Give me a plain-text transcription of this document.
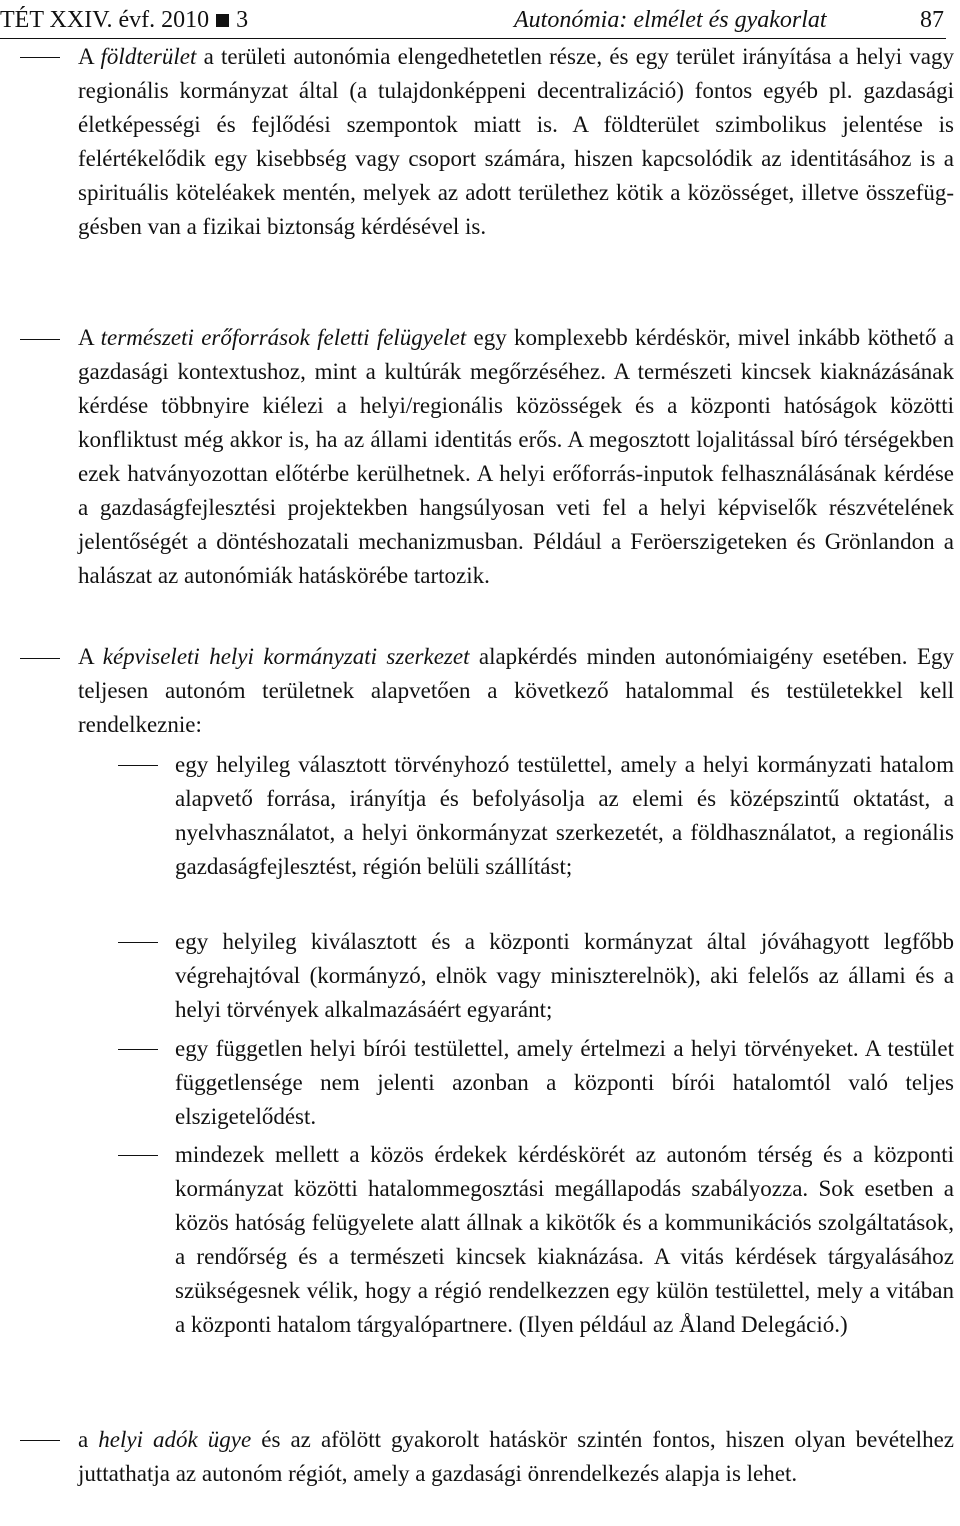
TÉT XXIV. évf. 2010 3	Autonómia: elmélet és gyakorlat	87
A földterület a területi autonómia elengedhetetlen része, és egy terület irányítása a helyi vagy regionális kormányzat által (a tulajdonképpeni decentralizáció) fontos egyéb pl. gazdasági életképességi és fejlődési szempontok miatt is. A földterület szimbolikus jelentése is felértékelődik egy kisebbség vagy csoport számára, hiszen kapcsolódik az identitásához is a spirituális köteléakek mentén, melyek az adott területhez kötik a közösséget, illetve összefüggésben van a fizikai biztonság kérdésével is.
A természeti erőforrások feletti felügyelet egy komplexebb kérdéskör, mivel inkább köthető a gazdasági kontextushoz, mint a kultúrák megőrzéséhez. A természeti kincsek kiaknázásának kérdése többnyire kiélezi a helyi/regionális közösségek és a központi hatóságok közötti konfliktust még akkor is, ha az állami identitás erős. A megosztott lojalitással bíró térségekben ezek hatványozottan előtérbe kerülhetnek. A helyi erőforrás-inputok felhasználásának kérdése a gazdaságfejlesztési projektekben hangsúlyosan veti fel a helyi képviselők részvételének jelentőségét a döntéshozatali mechanizmusban. Például a Feröerszigeteken és Grönlandon a halászat az autonómiák hatáskörébe tartozik.
A képviseleti helyi kormányzati szerkezet alapkérdés minden autonómiaigény esetében. Egy teljesen autonóm területnek alapvetően a következő hatalommal és testületekkel kell rendelkeznie:
egy helyileg választott törvényhozó testülettel, amely a helyi kormányzati hatalom alapvető forrása, irányítja és befolyásolja az elemi és középszintű oktatást, a nyelvhasználatot, a helyi önkormányzat szerkezetét, a földhasználatot, a regionális gazdaságfejlesztést, régión belüli szállítást;
egy helyileg kiválasztott és a központi kormányzat által jóváhagyott legfőbb végrehajtóval (kormányzó, elnök vagy miniszterelnök), aki felelős az állami és a helyi törvények alkalmazásáért egyaránt;
egy független helyi bírói testülettel, amely értelmezi a helyi törvényeket. A testület függetlensége nem jelenti azonban a központi bírói hatalomtól való teljes elszigetelődést.
mindezek mellett a közös érdekek kérdéskörét az autonóm térség és a központi kormányzat közötti hatalommegosztási megállapodás szabályozza. Sok esetben a közös hatóság felügyelete alatt állnak a kikötők és a kommunikációs szolgáltatások, a rendőrség és a természeti kincsek kiaknázása. A vitás kérdések tárgyalásához szükségesnek vélik, hogy a régió rendelkezzen egy külön testülettel, mely a vitában a központi hatalom tárgyalópartnere. (Ilyen például az Åland Delegáció.)
a helyi adók ügye és az afölött gyakorolt hatáskör szintén fontos, hiszen olyan bevételhez juttathatja az autonóm régiót, amely a gazdasági önrendelkezés alapja is lehet.
